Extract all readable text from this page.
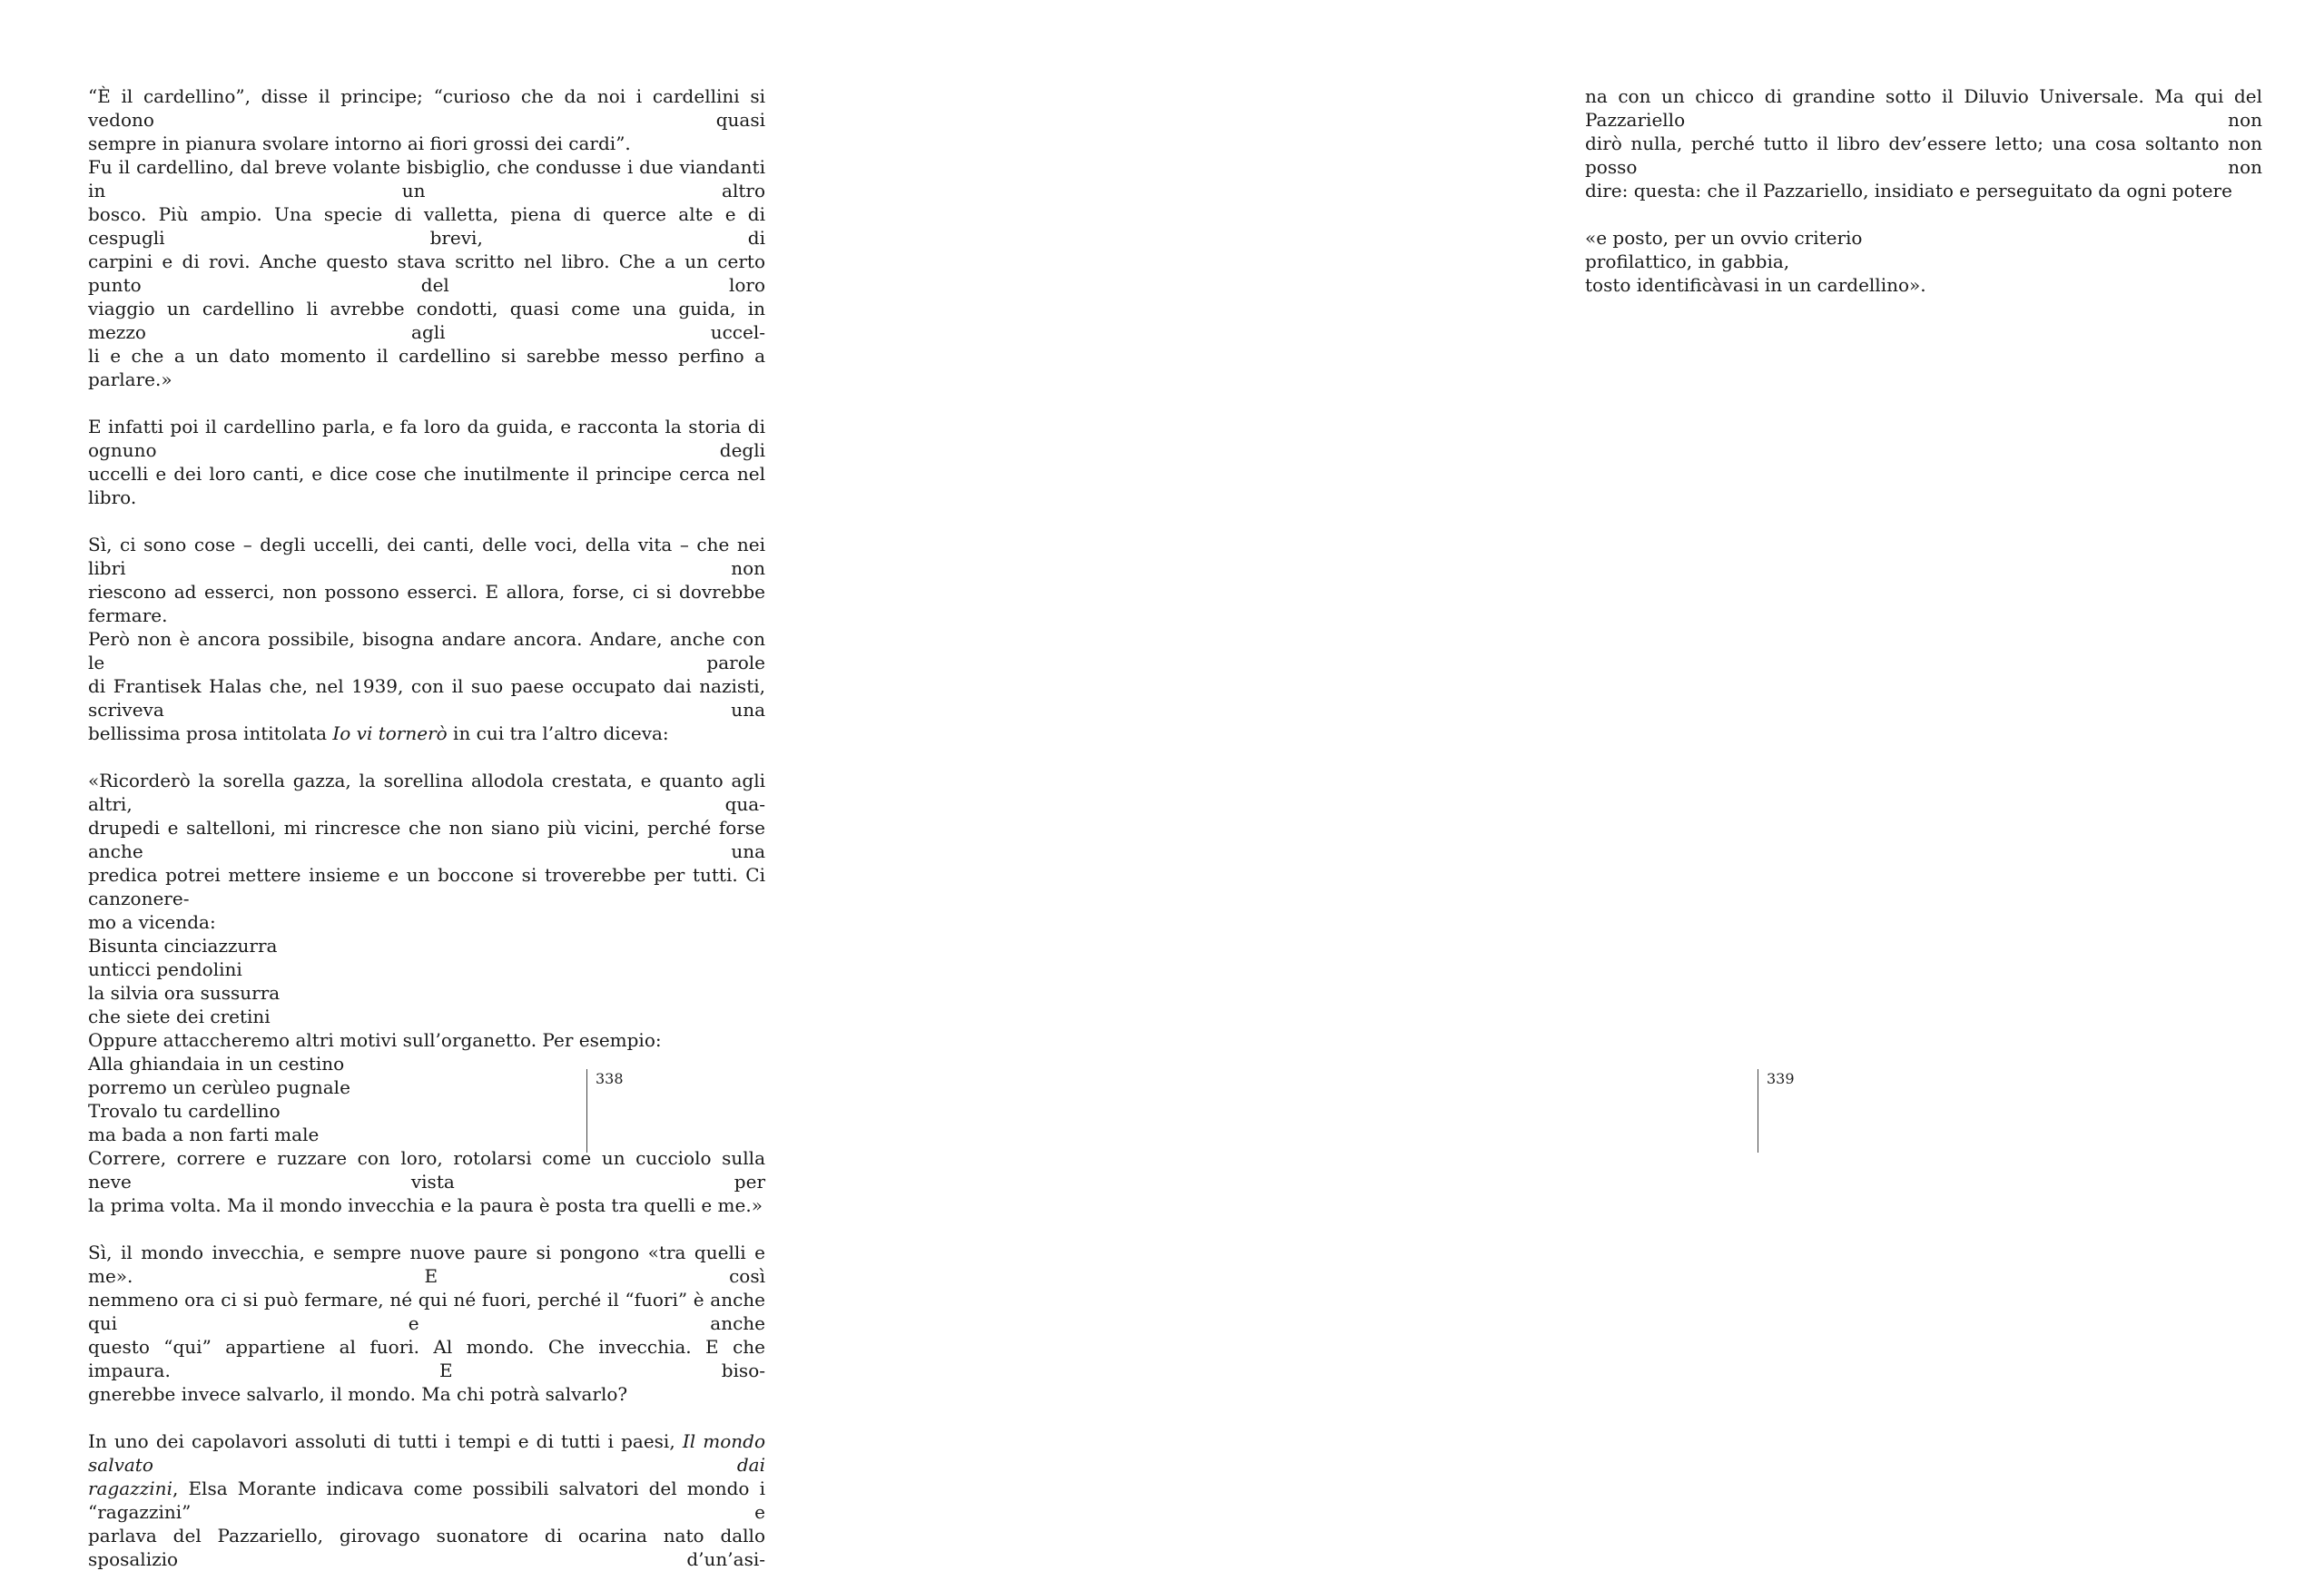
“È il cardellino”, disse il principe; “curioso che da noi i cardellini si vedono quasi
sempre in pianura svolare intorno ai fiori grossi dei cardi”.
Fu il cardellino, dal breve volante bisbiglio, che condusse i due viandanti in un altro
bosco. Più ampio. Una specie di valletta, piena di querce alte e di cespugli brevi, di
carpini e di rovi. Anche questo stava scritto nel libro. Che a un certo punto del loro
viaggio un cardellino li avrebbe condotti, quasi come una guida, in mezzo agli uccel-
li e che a un dato momento il cardellino si sarebbe messo perfino a parlare.»
E infatti poi il cardellino parla, e fa loro da guida, e racconta la storia di ognuno degli
uccelli e dei loro canti, e dice cose che inutilmente il principe cerca nel libro.
Sì, ci sono cose – degli uccelli, dei canti, delle voci, della vita – che nei libri non
riescono ad esserci, non possono esserci. E allora, forse, ci si dovrebbe fermare.
Però non è ancora possibile, bisogna andare ancora. Andare, anche con le parole
di Frantisek Halas che, nel 1939, con il suo paese occupato dai nazisti, scriveva una
bellissima prosa intitolata Io vi tornerò in cui tra l’altro diceva:
«Ricorderò la sorella gazza, la sorellina allodola crestata, e quanto agli altri, qua-
drupedi e saltelloni, mi rincresce che non siano più vicini, perché forse anche una
predica potrei mettere insieme e un boccone si troverebbe per tutti. Ci canzonere-
mo a vicenda:
Bisunta cinciazzurra
unticci pendolini
la silvia ora sussurra
che siete dei cretini
Oppure attaccheremo altri motivi sull’organetto. Per esempio:
Alla ghiandaia in un cestino
porremo un cerùleo pugnale
Trovalo tu cardellino
ma bada a non farti male
Correre, correre e ruzzare con loro, rotolarsi come un cucciolo sulla neve vista per
la prima volta. Ma il mondo invecchia e la paura è posta tra quelli e me.»
Sì, il mondo invecchia, e sempre nuove paure si pongono «tra quelli e me». E così
nemmeno ora ci si può fermare, né qui né fuori, perché il “fuori” è anche qui e anche
questo “qui” appartiene al fuori. Al mondo. Che invecchia. E che impaura. E biso-
gnerebbe invece salvarlo, il mondo. Ma chi potrà salvarlo?
In uno dei capolavori assoluti di tutti i tempi e di tutti i paesi, Il mondo salvato dai
ragazzini, Elsa Morante indicava come possibili salvatori del mondo i “ragazzini” e
parlava del Pazzariello, girovago suonatore di ocarina nato dallo sposalizio d’un’asi-
338
na con un chicco di grandine sotto il Diluvio Universale. Ma qui del Pazzariello non
dirò nulla, perché tutto il libro dev’essere letto; una cosa soltanto non posso non
dire: questa: che il Pazzariello, insidiato e perseguitato da ogni potere
«e posto, per un ovvio criterio
profilattico, in gabbia,
tosto identificàvasi in un cardellino».
339
